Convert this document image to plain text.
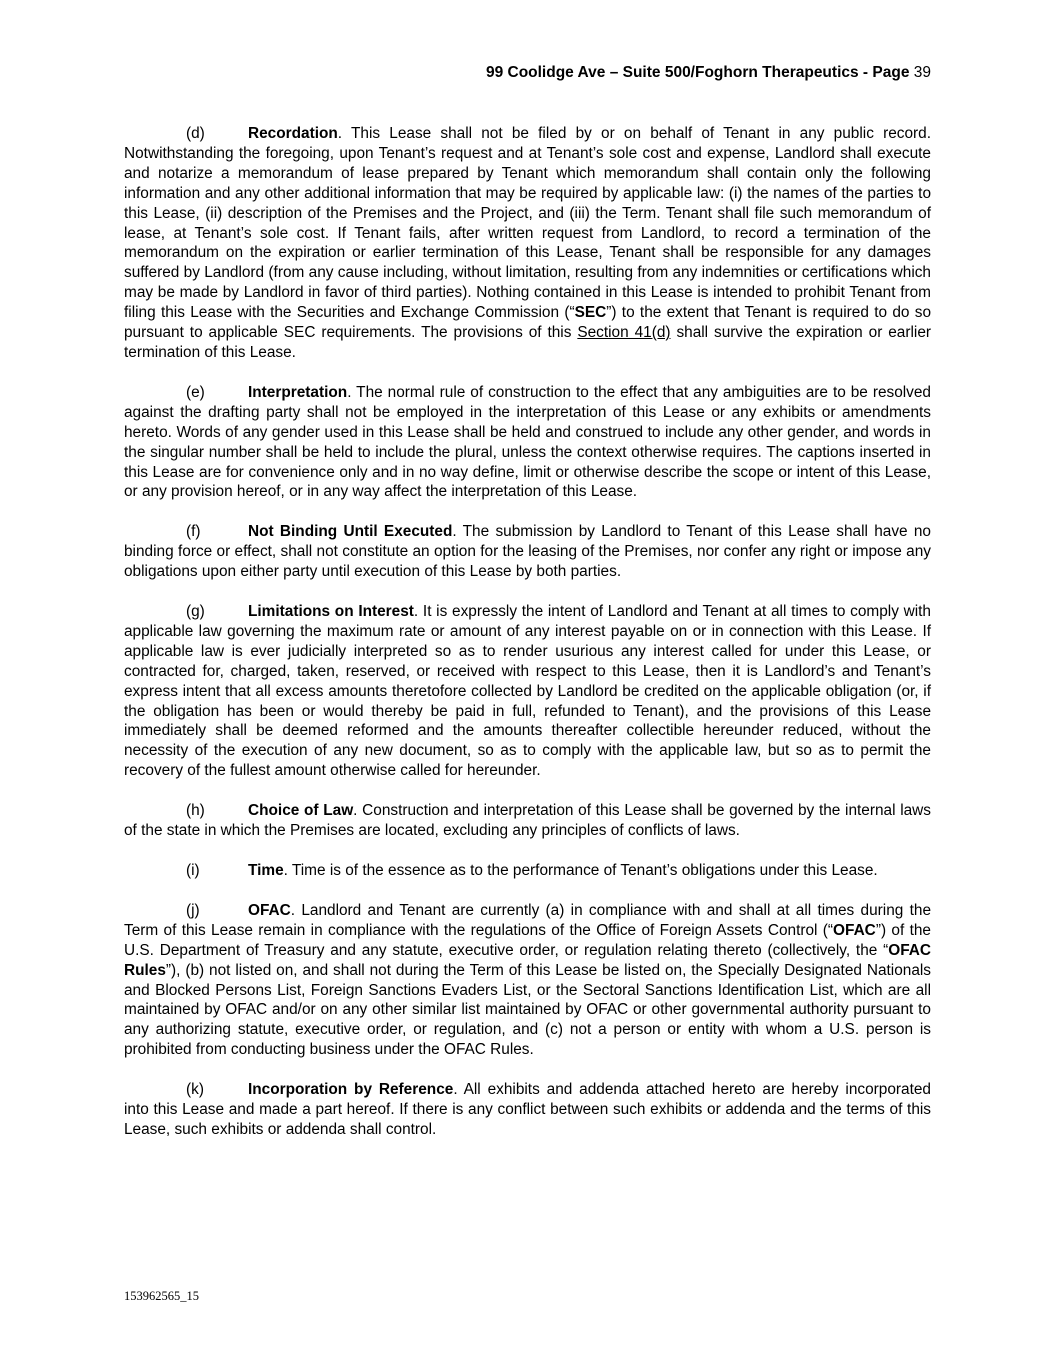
99 Coolidge Ave – Suite 500/Foghorn Therapeutics - Page 39

(d)	Recordation. This Lease shall not be filed by or on behalf of Tenant in any public record. Notwithstanding the foregoing, upon Tenant’s request and at Tenant’s sole cost and expense, Landlord shall execute and notarize a memorandum of lease prepared by Tenant which memorandum shall contain only the following information and any other additional information that may be required by applicable law: (i) the names of the parties to this Lease, (ii) description of the Premises and the Project, and (iii) the Term. Tenant shall file such memorandum of lease, at Tenant’s sole cost. If Tenant fails, after written request from Landlord, to record a termination of the memorandum on the expiration or earlier termination of this Lease, Tenant shall be responsible for any damages suffered by Landlord (from any cause including, without limitation, resulting from any indemnities or certifications which may be made by Landlord in favor of third parties). Nothing contained in this Lease is intended to prohibit Tenant from filing this Lease with the Securities and Exchange Commission (“SEC”) to the extent that Tenant is required to do so pursuant to applicable SEC requirements. The provisions of this Section 41(d) shall survive the expiration or earlier termination of this Lease.

(e)	Interpretation. The normal rule of construction to the effect that any ambiguities are to be resolved against the drafting party shall not be employed in the interpretation of this Lease or any exhibits or amendments hereto. Words of any gender used in this Lease shall be held and construed to include any other gender, and words in the singular number shall be held to include the plural, unless the context otherwise requires. The captions inserted in this Lease are for convenience only and in no way define, limit or otherwise describe the scope or intent of this Lease, or any provision hereof, or in any way affect the interpretation of this Lease.

(f)	Not Binding Until Executed. The submission by Landlord to Tenant of this Lease shall have no binding force or effect, shall not constitute an option for the leasing of the Premises, nor confer any right or impose any obligations upon either party until execution of this Lease by both parties.

(g)	Limitations on Interest. It is expressly the intent of Landlord and Tenant at all times to comply with applicable law governing the maximum rate or amount of any interest payable on or in connection with this Lease. If applicable law is ever judicially interpreted so as to render usurious any interest called for under this Lease, or contracted for, charged, taken, reserved, or received with respect to this Lease, then it is Landlord’s and Tenant’s express intent that all excess amounts theretofore collected by Landlord be credited on the applicable obligation (or, if the obligation has been or would thereby be paid in full, refunded to Tenant), and the provisions of this Lease immediately shall be deemed reformed and the amounts thereafter collectible hereunder reduced, without the necessity of the execution of any new document, so as to comply with the applicable law, but so as to permit the recovery of the fullest amount otherwise called for hereunder.

(h)	Choice of Law. Construction and interpretation of this Lease shall be governed by the internal laws of the state in which the Premises are located, excluding any principles of conflicts of laws.

(i)	Time. Time is of the essence as to the performance of Tenant’s obligations under this Lease.

(j)	OFAC. Landlord and Tenant are currently (a) in compliance with and shall at all times during the Term of this Lease remain in compliance with the regulations of the Office of Foreign Assets Control (“OFAC”) of the U.S. Department of Treasury and any statute, executive order, or regulation relating thereto (collectively, the “OFAC Rules”), (b) not listed on, and shall not during the Term of this Lease be listed on, the Specially Designated Nationals and Blocked Persons List, Foreign Sanctions Evaders List, or the Sectoral Sanctions Identification List, which are all maintained by OFAC and/or on any other similar list maintained by OFAC or other governmental authority pursuant to any authorizing statute, executive order, or regulation, and (c) not a person or entity with whom a U.S. person is prohibited from conducting business under the OFAC Rules.

(k)	Incorporation by Reference. All exhibits and addenda attached hereto are hereby incorporated into this Lease and made a part hereof. If there is any conflict between such exhibits or addenda and the terms of this Lease, such exhibits or addenda shall control.

153962565_15
